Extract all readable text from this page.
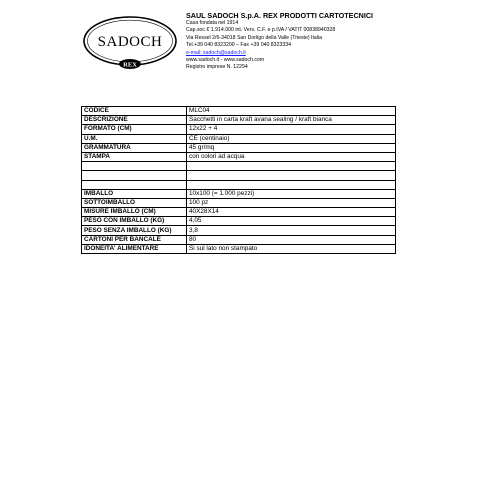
SADOCH
REX
SAUL SADOCH S.p.A. REX PRODOTTI CARTOTECNICI
Casa fondata nel 1914
Cap.soc.€ 1.914.000 int. Vers. C.F. e p.IVA / VATIT 00838940328
Via Ressel 2/6-34018 San Dorligo della Valle (Trieste) Italia
Tel.+39 040 8323200 – Fax +39 040 8323334
e-mail: sadoch@sadoch.it
www.sadoch.it - www.sadoch.com
Registro imprese N. 12294
CODICE	MLC04
DESCRIZIONE	Sacchetti in carta kraft avana sealing / kraft bianca
FORMATO (CM)	12x22 + 4
U.M.	CE (centinaio)
GRAMMATURA	45 gr/mq
STAMPA	con colori ad acqua

IMBALLO	10x100 (= 1.000 pezzi)
SOTTOIMBALLO	100 pz
MISURE IMBALLO (CM)	40X28X14
PESO CON IMBALLO (KG)	4,05
PESO SENZA IMBALLO (KG)	3,8
CARTONI PER BANCALE	80
IDONEITA' ALIMENTARE	Si sul lato non stampato
